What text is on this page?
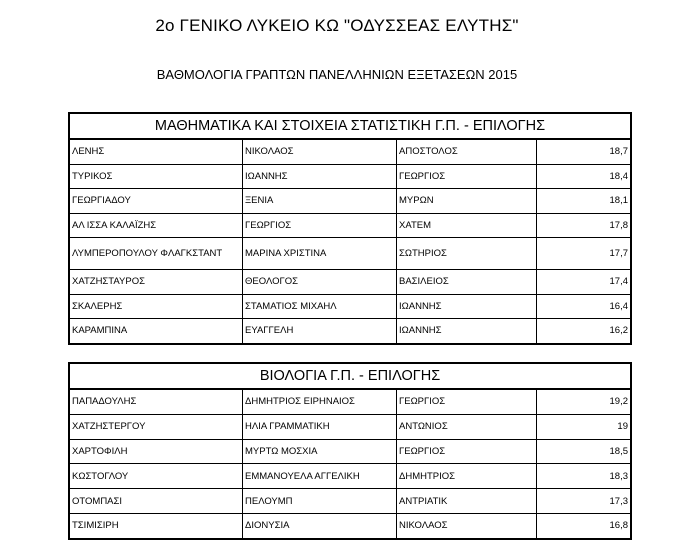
2ο ΓΕΝΙΚΟ ΛΥΚΕΙΟ ΚΩ "ΟΔΥΣΣΕΑΣ ΕΛΥΤΗΣ"
ΒΑΘΜΟΛΟΓΙΑ ΓΡΑΠΤΩΝ ΠΑΝΕΛΛΗΝΙΩΝ ΕΞΕΤΑΣΕΩΝ 2015
ΜΑΘΗΜΑΤΙΚΑ ΚΑΙ ΣΤΟΙΧΕΙΑ ΣΤΑΤΙΣΤΙΚΗ Γ.Π. - ΕΠΙΛΟΓΗΣ
ΛΕΝΗΣ	ΝΙΚΟΛΑΟΣ	ΑΠΟΣΤΟΛΟΣ	18,7
ΤΥΡΙΚΟΣ	ΙΩΑΝΝΗΣ	ΓΕΩΡΓΙΟΣ	18,4
ΓΕΩΡΓΙΑΔΟΥ	ΞΕΝΙΑ	ΜΥΡΩΝ	18,1
ΑΛ ΙΣΣΑ ΚΑΛΑΪΖΗΣ	ΓΕΩΡΓΙΟΣ	ΧΑΤΕΜ	17,8
ΛΥΜΠΕΡΟΠΟΥΛΟΥ ΦΛΑΓΚΣΤΑΝΤ	ΜΑΡΙΝΑ ΧΡΙΣΤΙΝΑ	ΣΩΤΗΡΙΟΣ	17,7
ΧΑΤΖΗΣΤΑΥΡΟΣ	ΘΕΟΛΟΓΟΣ	ΒΑΣΙΛΕΙΟΣ	17,4
ΣΚΑΛΕΡΗΣ	ΣΤΑΜΑΤΙΟΣ ΜΙΧΑΗΛ	ΙΩΑΝΝΗΣ	16,4
ΚΑΡΑΜΠΙΝΑ	ΕΥΑΓΓΕΛΗ	ΙΩΑΝΝΗΣ	16,2
ΒΙΟΛΟΓΙΑ Γ.Π. - ΕΠΙΛΟΓΗΣ
ΠΑΠΑΔΟΥΛΗΣ	ΔΗΜΗΤΡΙΟΣ ΕΙΡΗΝΑΙΟΣ	ΓΕΩΡΓΙΟΣ	19,2
ΧΑΤΖΗΣΤΕΡΓΟΥ	ΗΛΙΑ ΓΡΑΜΜΑΤΙΚΗ	ΑΝΤΩΝΙΟΣ	19
ΧΑΡΤΟΦΙΛΗ	ΜΥΡΤΩ ΜΟΣΧΙΑ	ΓΕΩΡΓΙΟΣ	18,5
ΚΩΣΤΟΓΛΟΥ	ΕΜΜΑΝΟΥΕΛΑ ΑΓΓΕΛΙΚΗ	ΔΗΜΗΤΡΙΟΣ	18,3
ΟΤΟΜΠΑΣΙ	ΠΕΛΟΥΜΠ	ΑΝΤΡΙΑΤΙΚ	17,3
ΤΣΙΜΙΣΙΡΗ	ΔΙΟΝΥΣΙΑ	ΝΙΚΟΛΑΟΣ	16,8
